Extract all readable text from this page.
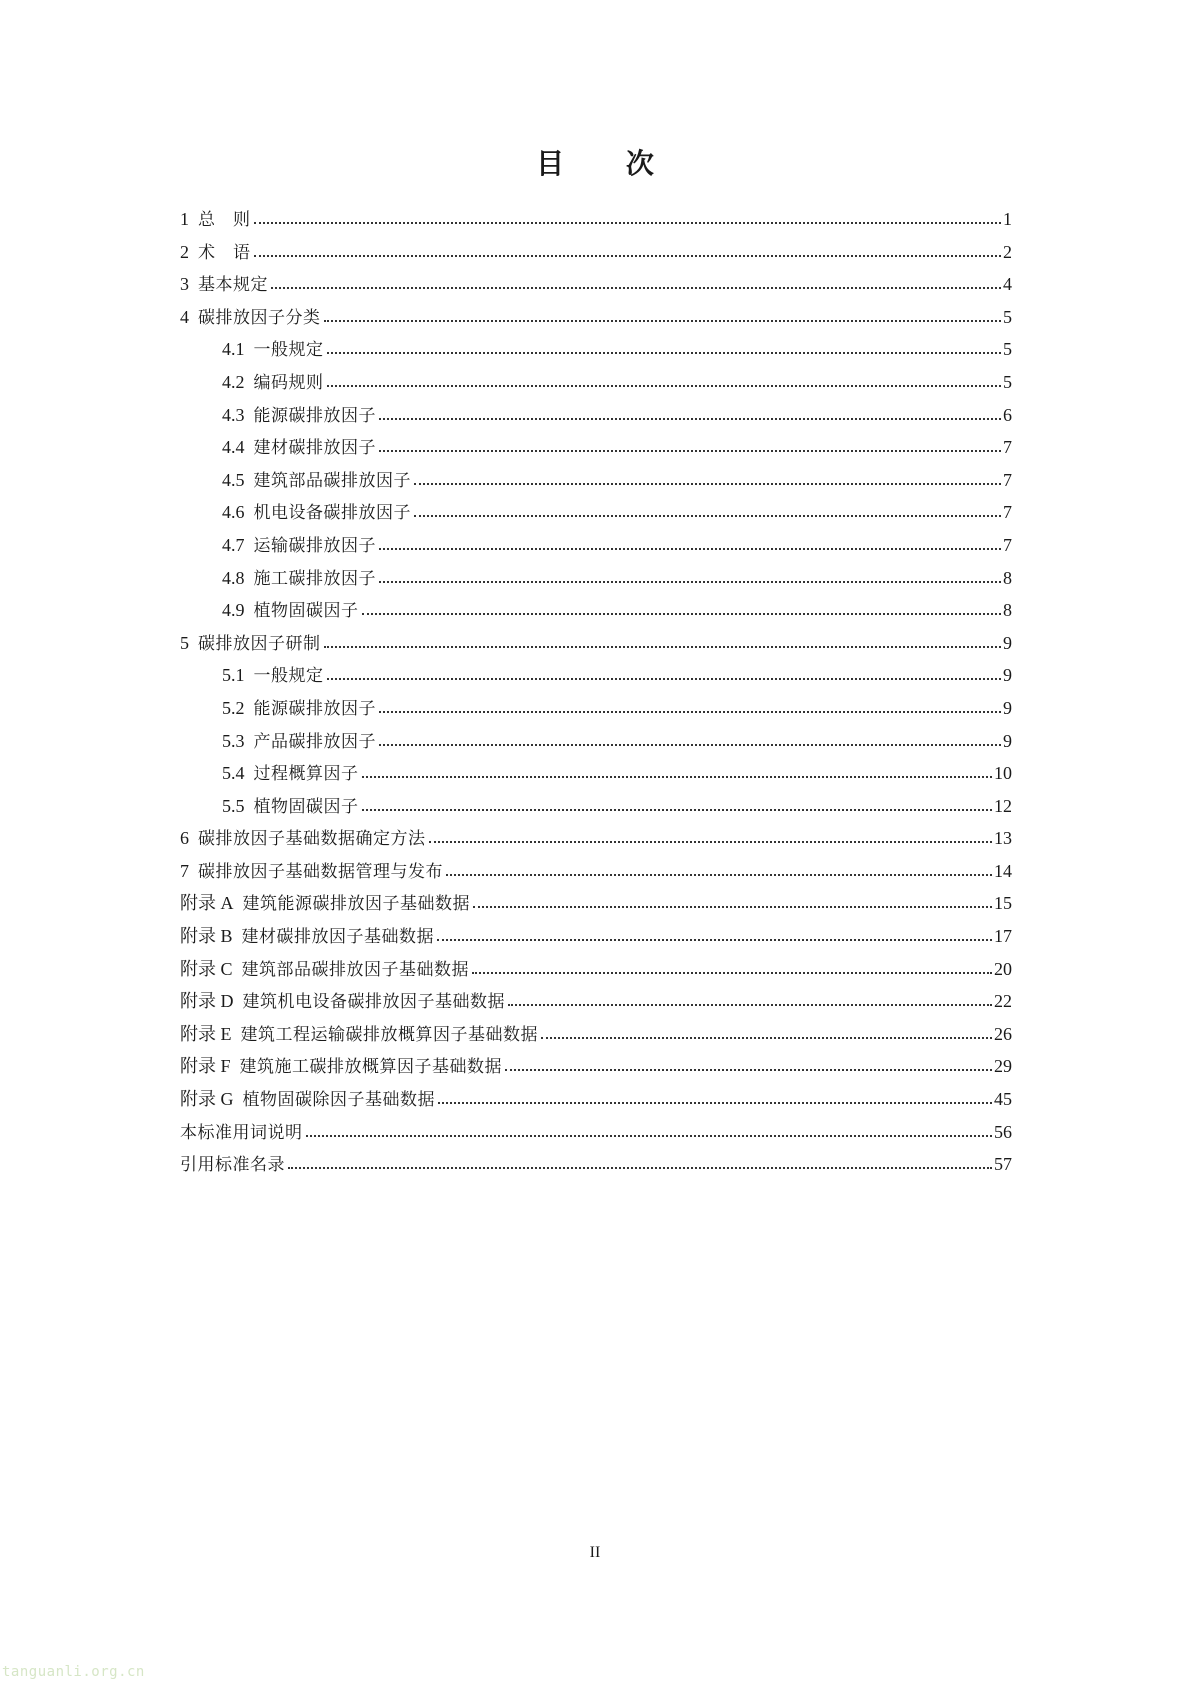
目 次
1 总　则	1
2 术　语	2
3 基本规定	4
4 碳排放因子分类	5
4.1 一般规定	5
4.2 编码规则	5
4.3 能源碳排放因子	6
4.4 建材碳排放因子	7
4.5 建筑部品碳排放因子	7
4.6 机电设备碳排放因子	7
4.7 运输碳排放因子	7
4.8 施工碳排放因子	8
4.9 植物固碳因子	8
5 碳排放因子研制	9
5.1 一般规定	9
5.2 能源碳排放因子	9
5.3 产品碳排放因子	9
5.4 过程概算因子	10
5.5 植物固碳因子	12
6 碳排放因子基础数据确定方法	13
7 碳排放因子基础数据管理与发布	14
附录 A 建筑能源碳排放因子基础数据	15
附录 B 建材碳排放因子基础数据	17
附录 C 建筑部品碳排放因子基础数据	20
附录 D 建筑机电设备碳排放因子基础数据	22
附录 E 建筑工程运输碳排放概算因子基础数据	26
附录 F 建筑施工碳排放概算因子基础数据	29
附录 G 植物固碳除因子基础数据	45
本标准用词说明	56
引用标准名录	57
II
tanguanli.org.cn
